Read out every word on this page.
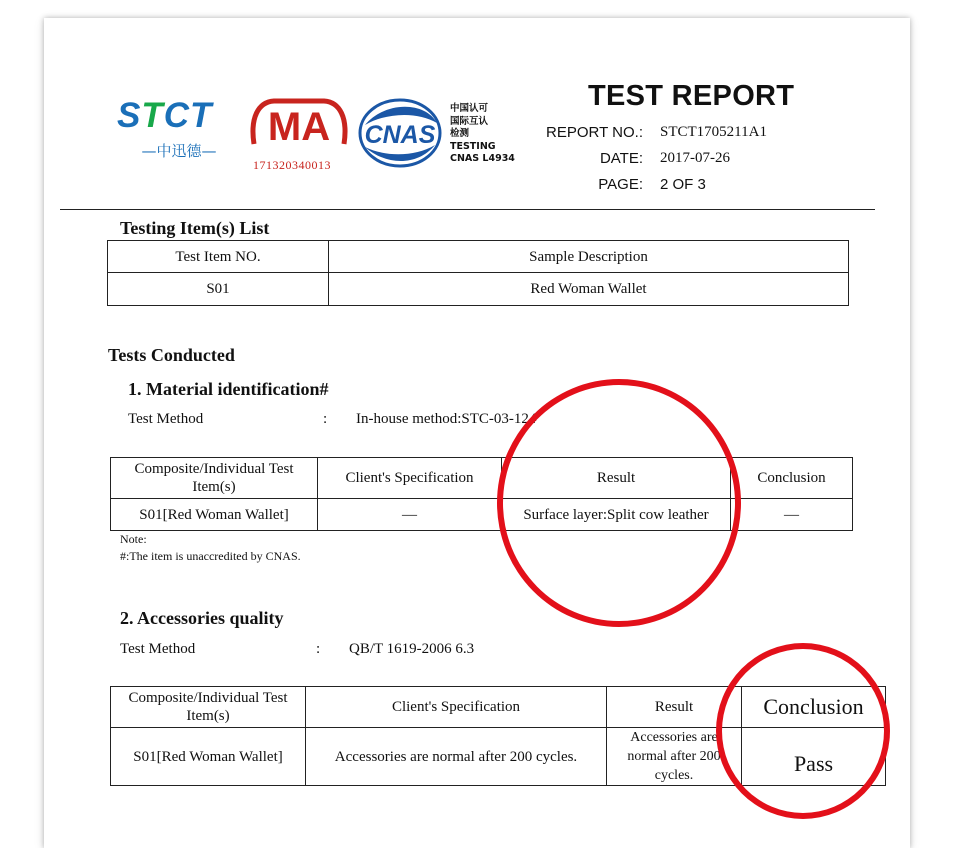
STCT
—中迅德—
MA
171320340013
CNAS
中国认可
国际互认
检测
TESTING
CNAS L4934
TEST REPORT
REPORT NO.: STCT1705211A1
DATE: 2017-07-26
PAGE: 2 OF 3
Testing Item(s) List
Test Item NO.	Sample Description
S01	Red Woman Wallet
Tests Conducted
1. Material identification#
Test Method	: In-house method:STC-03-124
Composite/Individual Test Item(s)	Client's Specification	Result	Conclusion
S01[Red Woman Wallet]	—	Surface layer:Split cow leather	—
Note:
#:The item is unaccredited by CNAS.
2. Accessories quality
Test Method	: QB/T 1619-2006 6.3
Composite/Individual Test Item(s)	Client's Specification	Result	Conclusion
S01[Red Woman Wallet]	Accessories are normal after 200 cycles.	Accessories are normal after 200 cycles.	Pass
